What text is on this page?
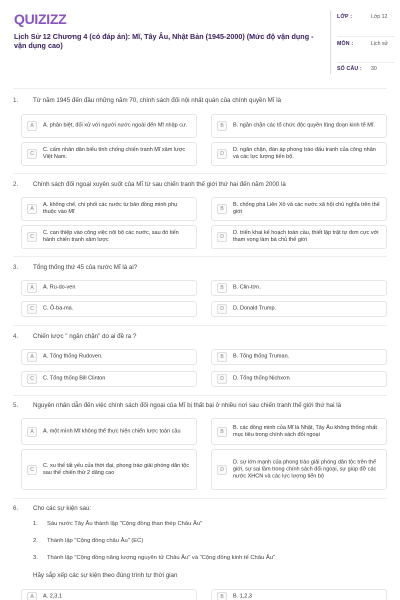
QUIZIZZ
Lịch Sử 12 Chương 4 (có đáp án): Mĩ, Tây Âu, Nhật Bản (1945-2000) (Mức độ vận dụng - vận dụng cao)
LỚP :	Lớp 12
MÔN :	Lịch sử
SỐ CÂU : 30
1. Từ năm 1945 đến đầu những năm 70, chính sách đối nội nhất quán của chính quyền Mĩ là
A	A. phân biệt, đối xử với người nước ngoài đến Mĩ nhập cư.	B	B. ngăn chặn các tổ chức độc quyền lũng đoạn kinh tế Mĩ.
C
C. cấm nhân dân biểu tình chống chiến tranh Mĩ xâm lược Việt Nam.	D
D. ngăn chặn, đàn áp phong trào đấu tranh của công nhân và các lực lượng tiến bộ.
2. Chính sách đối ngoại xuyên suốt của Mĩ từ sau chiến tranh thế giới thứ hai đến năm 2000 là
A
A. không chế, chi phối các nước tư bản đồng minh phụ thuộc vào Mĩ	B
B. chống phá Liên Xô và các nước xã hội chủ nghĩa trên thế giới
C
C. can thiệp vào công việc nội bộ các nước, sau đó tiến hành chiến tranh xâm lược	D
D. triển khai kế hoạch toàn cầu, thiết lập trật tự đơn cực với tham vọng làm bá chủ thế giới
3. Tổng thống thứ 45 của nước Mĩ là ai?
A	A. Ru-do-ven	B	B. Clin-tơn.
C	C. Ô-ba-ma.	D	D. Donald Trump.
4. Chiến lược " ngăn chặn" do ai đề ra ?
A	A. Tổng thống Rudoven.	B	B. Tổng thống Truman.
C	C. Tổng thống Bill Clinton	D	D. Tổng thống Nichxơn
5. Nguyên nhân dẫn đến việc chính sách đối ngoại của Mĩ bị thất bại ở nhiều nơi sau chiến tranh thế giới thứ hai là
A	A. một mình Mĩ không thể thực hiện chiến lược toàn cầu	B
B. các đồng minh của Mĩ là Nhật, Tây Âu không thống nhất mục tiêu trong chính sách đối ngoại
C
C. xu thế tất yếu của thời đại, phong trào giải phóng dân tộc sau thế chiến thứ 2 dâng cao	D
D. sự lớn mạnh của phong trào giải phóng dân tộc trên thế giới, sự sai lầm trong chính sách đối ngoại, sự giúp đỡ các nước XHCN và các lực lượng tiến bộ
6. Cho các sự kiện sau:
1. Sáu nước Tây Âu thành lập "Cộng đồng than thép Châu Âu"
2. Thành lập "Cộng đồng châu Âu" (EC)
3. Thành lập "Cộng đồng năng lượng nguyên tử Châu Âu" và "Cộng đồng kinh tế Châu Âu"
Hãy sắp xếp các sự kiện theo đúng trình tự thời gian
A	A. 2,3,1	B	B. 1,2,3
